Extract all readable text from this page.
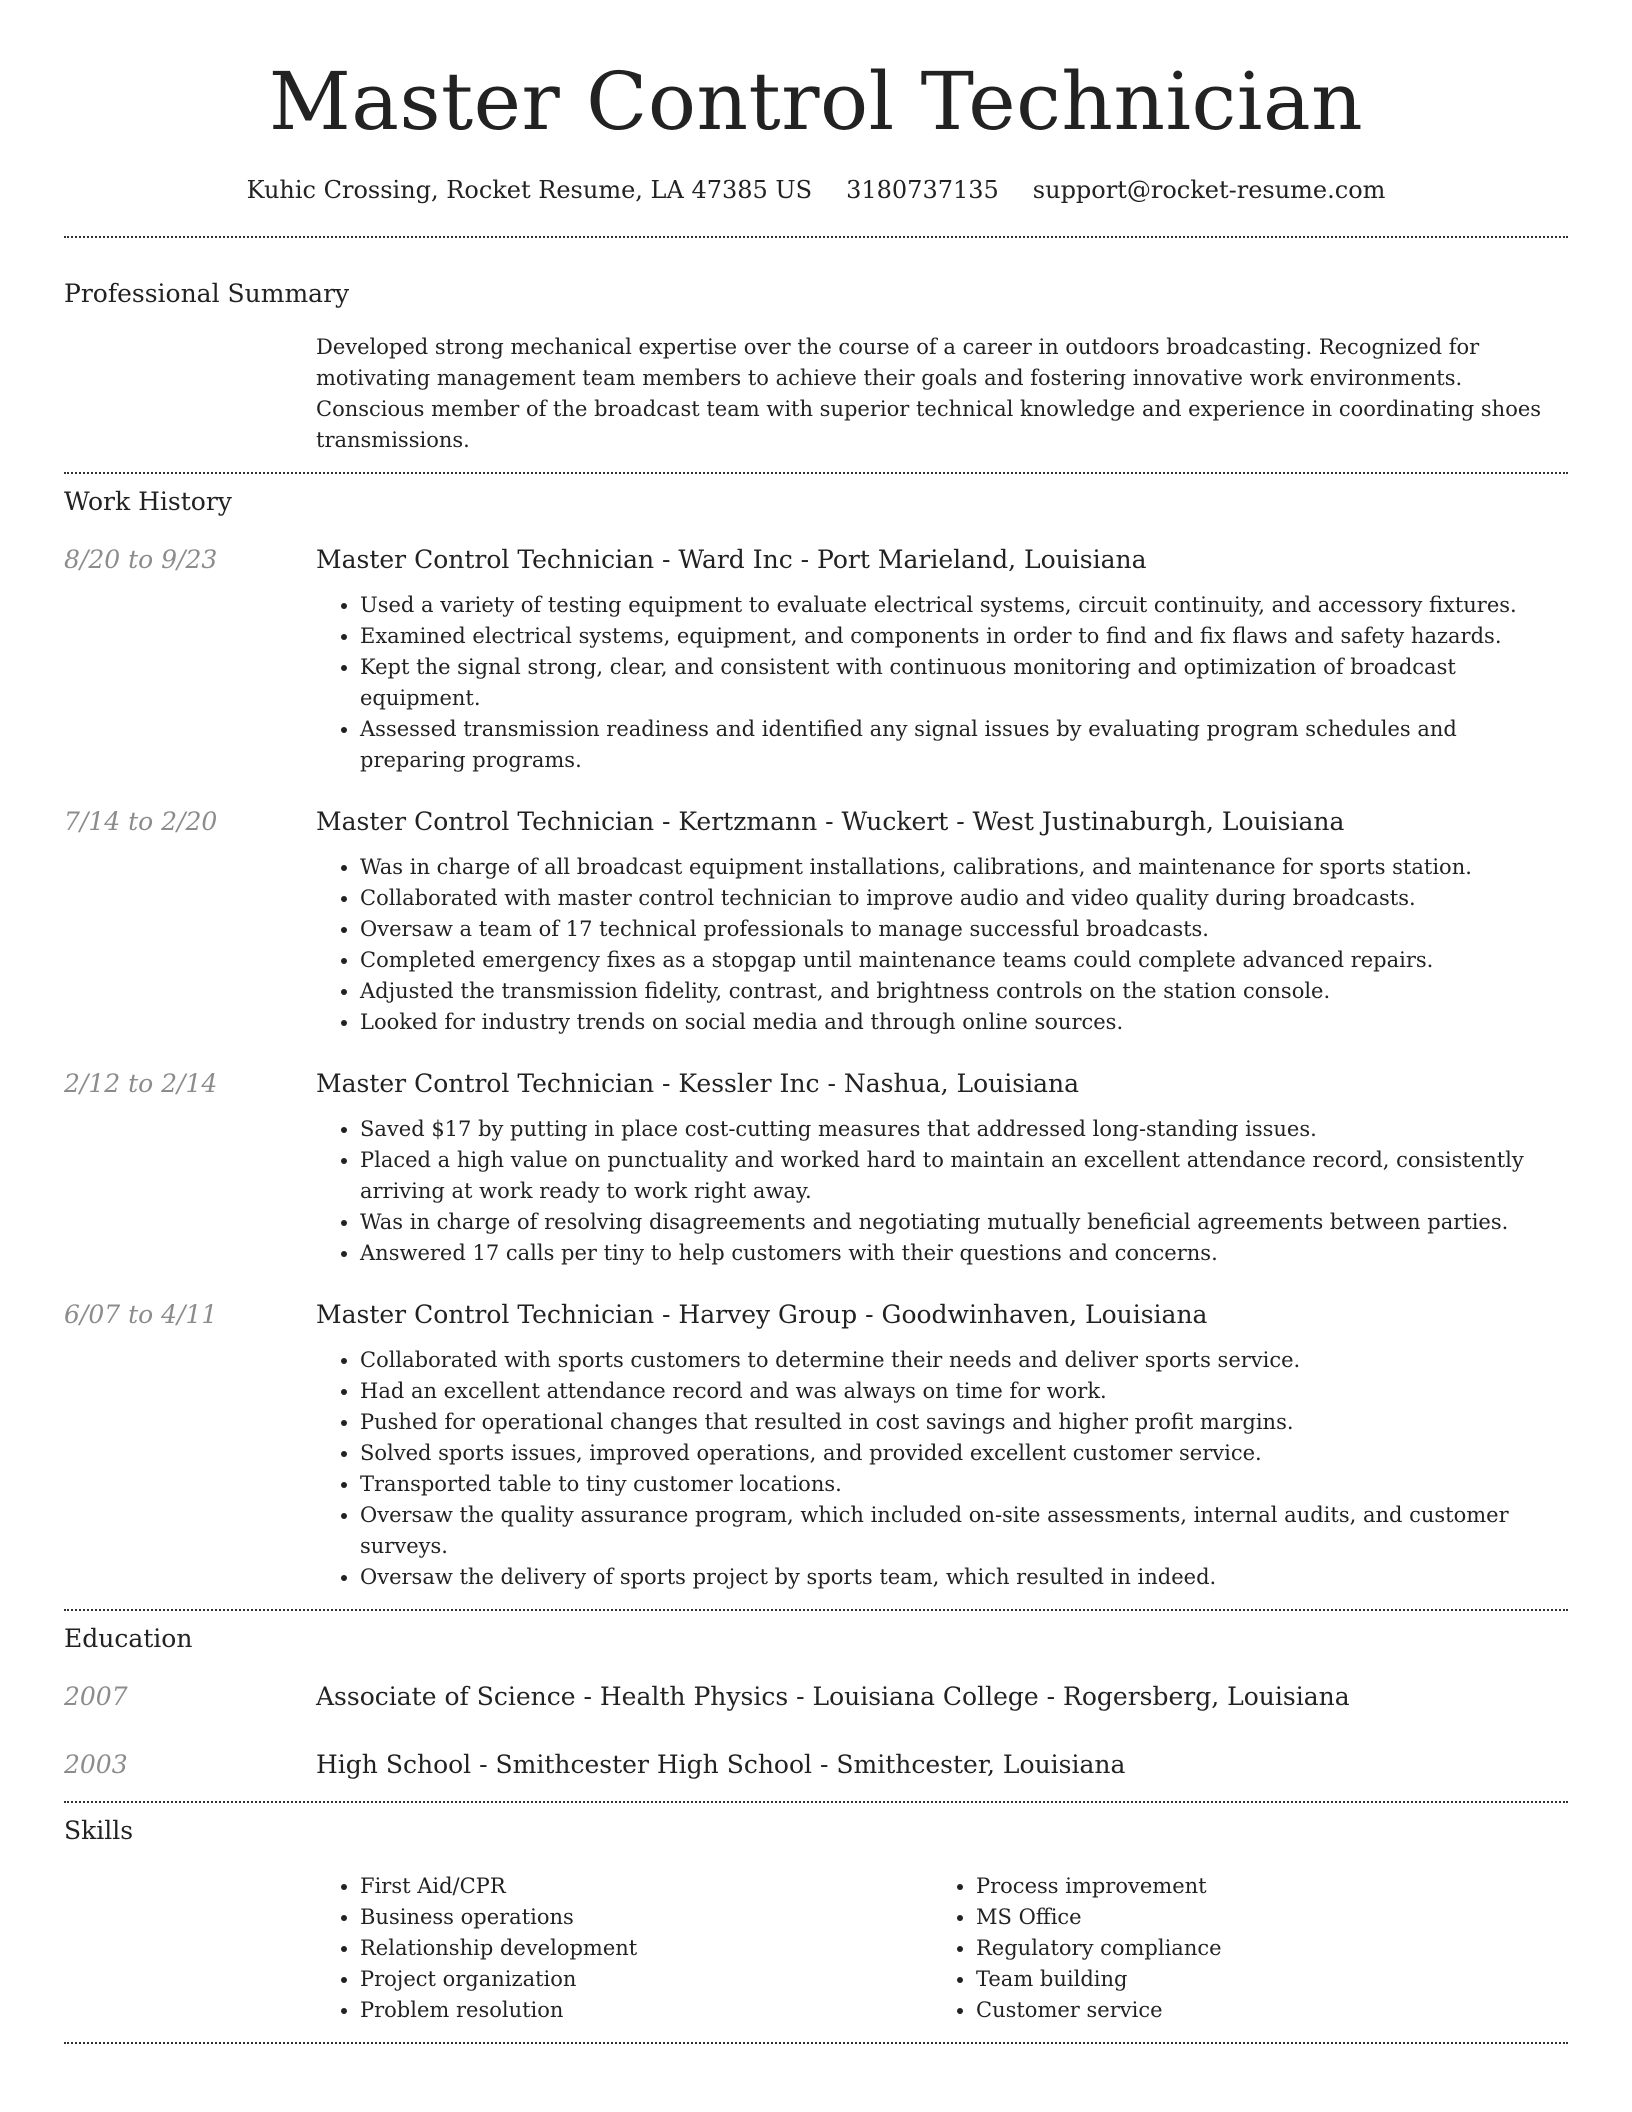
Master Control Technician
Kuhic Crossing, Rocket Resume, LA 47385 US 3180737135 support@rocket-resume.com
Professional Summary

Developed strong mechanical expertise over the course of a career in outdoors broadcasting. Recognized for motivating management team members to achieve their goals and fostering innovative work environments. Conscious member of the broadcast team with superior technical knowledge and experience in coordinating shoes transmissions.

Work History
8/20 to 9/23	Master Control Technician - Ward Inc - Port Marieland, Louisiana
• Used a variety of testing equipment to evaluate electrical systems, circuit continuity, and accessory fixtures.
• Examined electrical systems, equipment, and components in order to find and fix flaws and safety hazards.
• Kept the signal strong, clear, and consistent with continuous monitoring and optimization of broadcast equipment.
• Assessed transmission readiness and identified any signal issues by evaluating program schedules and preparing programs.
7/14 to 2/20	Master Control Technician - Kertzmann - Wuckert - West Justinaburgh, Louisiana
• Was in charge of all broadcast equipment installations, calibrations, and maintenance for sports station.
• Collaborated with master control technician to improve audio and video quality during broadcasts.
• Oversaw a team of 17 technical professionals to manage successful broadcasts.
• Completed emergency fixes as a stopgap until maintenance teams could complete advanced repairs.
• Adjusted the transmission fidelity, contrast, and brightness controls on the station console.
• Looked for industry trends on social media and through online sources.
2/12 to 2/14	Master Control Technician - Kessler Inc - Nashua, Louisiana
• Saved $17 by putting in place cost-cutting measures that addressed long-standing issues.
• Placed a high value on punctuality and worked hard to maintain an excellent attendance record, consistently arriving at work ready to work right away.
• Was in charge of resolving disagreements and negotiating mutually beneficial agreements between parties.
• Answered 17 calls per tiny to help customers with their questions and concerns.
6/07 to 4/11	Master Control Technician - Harvey Group - Goodwinhaven, Louisiana
• Collaborated with sports customers to determine their needs and deliver sports service.
• Had an excellent attendance record and was always on time for work.
• Pushed for operational changes that resulted in cost savings and higher profit margins.
• Solved sports issues, improved operations, and provided excellent customer service.
• Transported table to tiny customer locations.
• Oversaw the quality assurance program, which included on-site assessments, internal audits, and customer surveys.
• Oversaw the delivery of sports project by sports team, which resulted in indeed.
Education
2007	Associate of Science - Health Physics - Louisiana College - Rogersberg, Louisiana
2003	High School - Smithcester High School - Smithcester, Louisiana
Skills
• First Aid/CPR
• Business operations
• Relationship development
• Project organization
• Problem resolution
• Process improvement
• MS Office
• Regulatory compliance
• Team building
• Customer service
